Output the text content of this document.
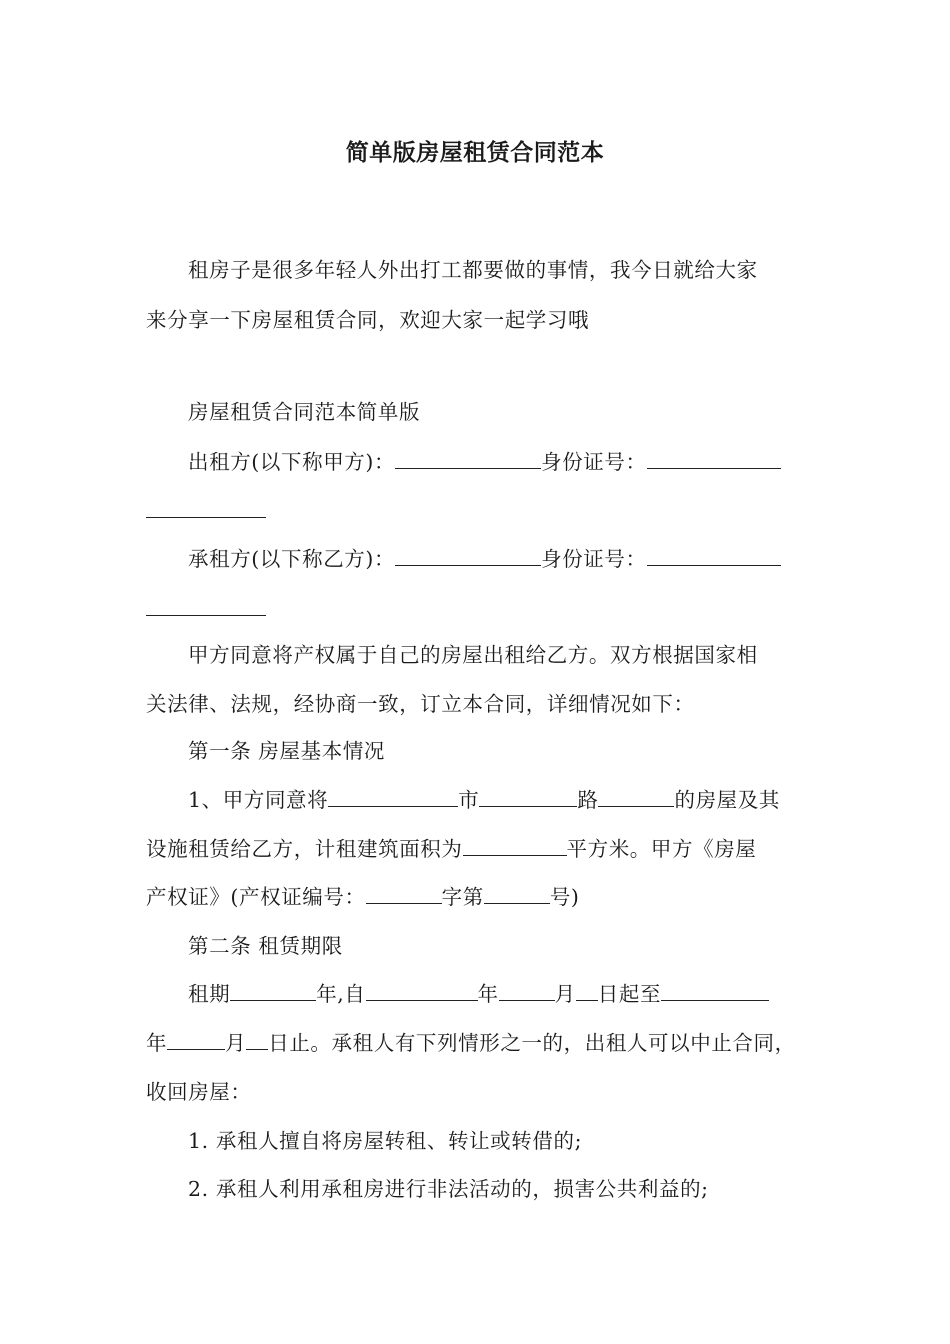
简单版房屋租赁合同范本
租房子是很多年轻人外出打工都要做的事情，我今日就给大家
来分享一下房屋租赁合同，欢迎大家一起学习哦
房屋租赁合同范本简单版
出租方(以下称甲方)：	身份证号：
承租方(以下称乙方)：	身份证号：
甲方同意将产权属于自己的房屋出租给乙方。双方根据国家相
关法律、法规，经协商一致，订立本合同，详细情况如下：
第一条 房屋基本情况
1、甲方同意将	市	路	的房屋及其
设施租赁给乙方，计租建筑面积为	平方米。甲方《房屋
产权证》(产权证编号：	字第	号)
第二条 租赁期限
租期	年,自	年	月 日起至
年	月 日止。承租人有下列情形之一的，出租人可以中止合同，
收回房屋：
1. 承租人擅自将房屋转租、转让或转借的;
2. 承租人利用承租房进行非法活动的，损害公共利益的;
